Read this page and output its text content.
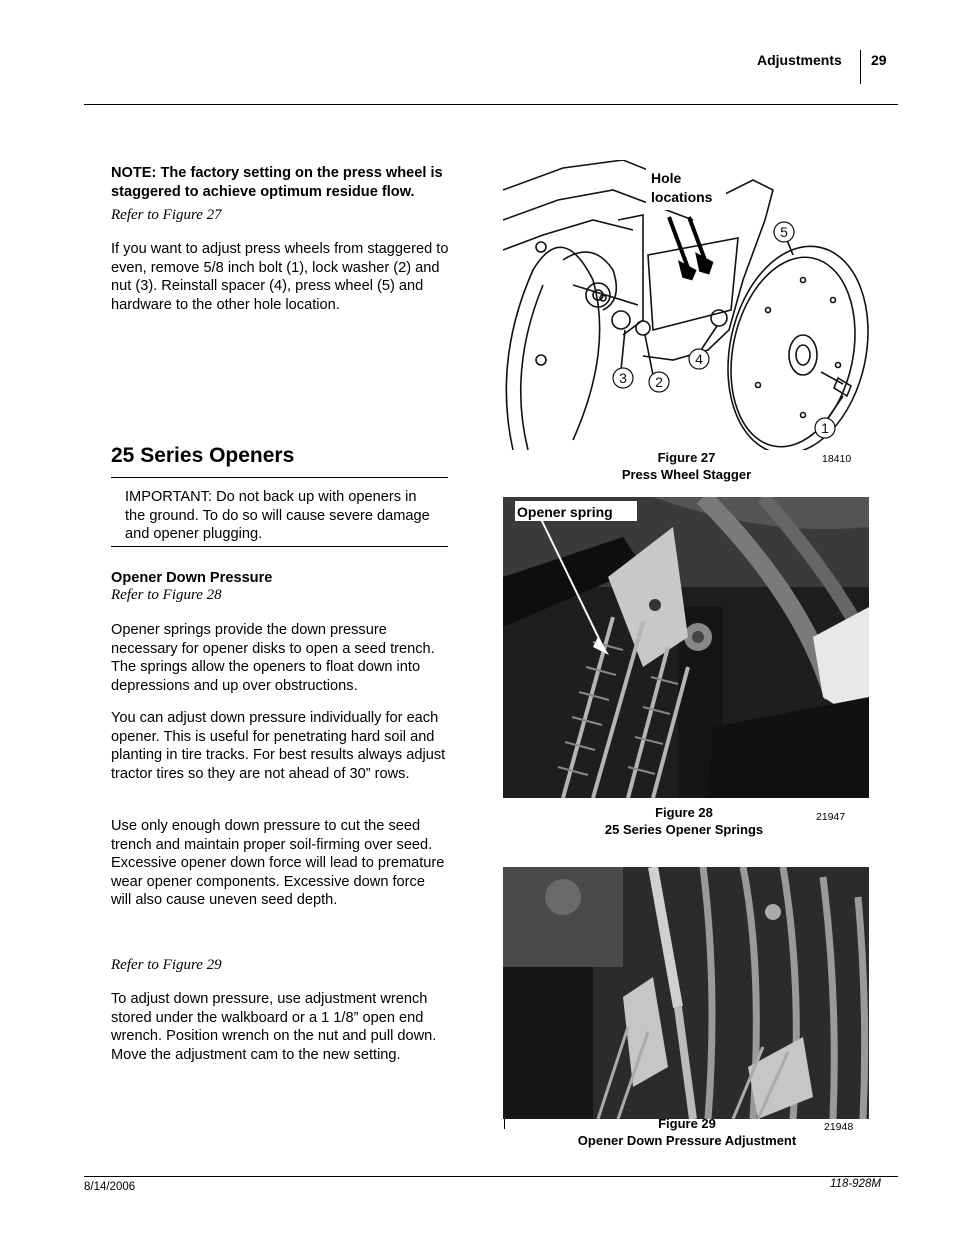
Adjustments 29
NOTE: The factory setting on the press wheel is staggered to achieve optimum residue flow.
Refer to Figure 27
If you want to adjust press wheels from staggered to even, remove 5/8 inch bolt (1), lock washer (2) and nut (3). Reinstall spacer (4), press wheel (5) and hardware to the other hole location.
25 Series Openers
IMPORTANT: Do not back up with openers in the ground. To do so will cause severe damage and opener plugging.
Opener Down Pressure
Refer to Figure 28
Opener springs provide the down pressure necessary for opener disks to open a seed trench. The springs allow the openers to float down into depressions and up over obstructions.
You can adjust down pressure individually for each opener. This is useful for penetrating hard soil and planting in tire tracks. For best results always adjust tractor tires so they are not ahead of 30” rows.
Use only enough down pressure to cut the seed trench and maintain proper soil-firming over seed. Excessive opener down force will lead to premature wear opener components. Excessive down force will also cause uneven seed depth.
Refer to Figure 29
To adjust down pressure, use adjustment wrench stored under the walkboard or a 1 1/8” open end wrench. Position wrench on the nut and pull down. Move the adjustment cam to the new setting.
1
2
3
4
5
Hole
locations
Figure 27
Press Wheel Stagger
18410
Opener spring
Figure 28
25 Series Opener Springs
21947
Figure 29
Opener Down Pressure Adjustment
21948
8/14/2006	118-928M
